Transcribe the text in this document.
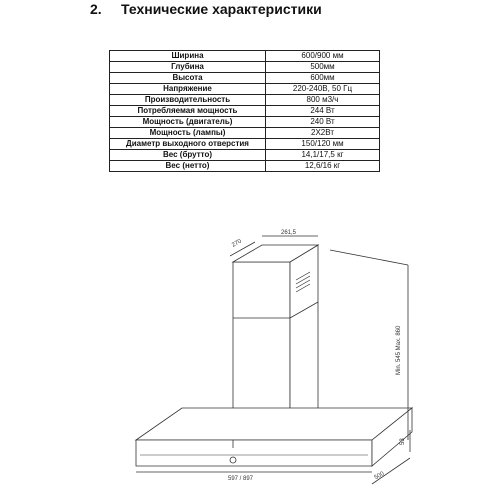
2. Технические характеристики
Ширина	600/900 мм
Глубина	500мм
Высота	600мм
Напряжение	220-240В, 50 Гц
Производительность	800 м3/ч
Потребляемая мощность	244 Вт
Мощность (двигатель)	240 Вт
Мощность (лампы)	2X2Вт
Диаметр выходного отверстия	150/120 мм
Вес (брутто)	14,1/17,5 кг
Вес (нетто)	12,6/16 кг
270
261,5
Min. 545 Max. 860
53
597 / 897	500
